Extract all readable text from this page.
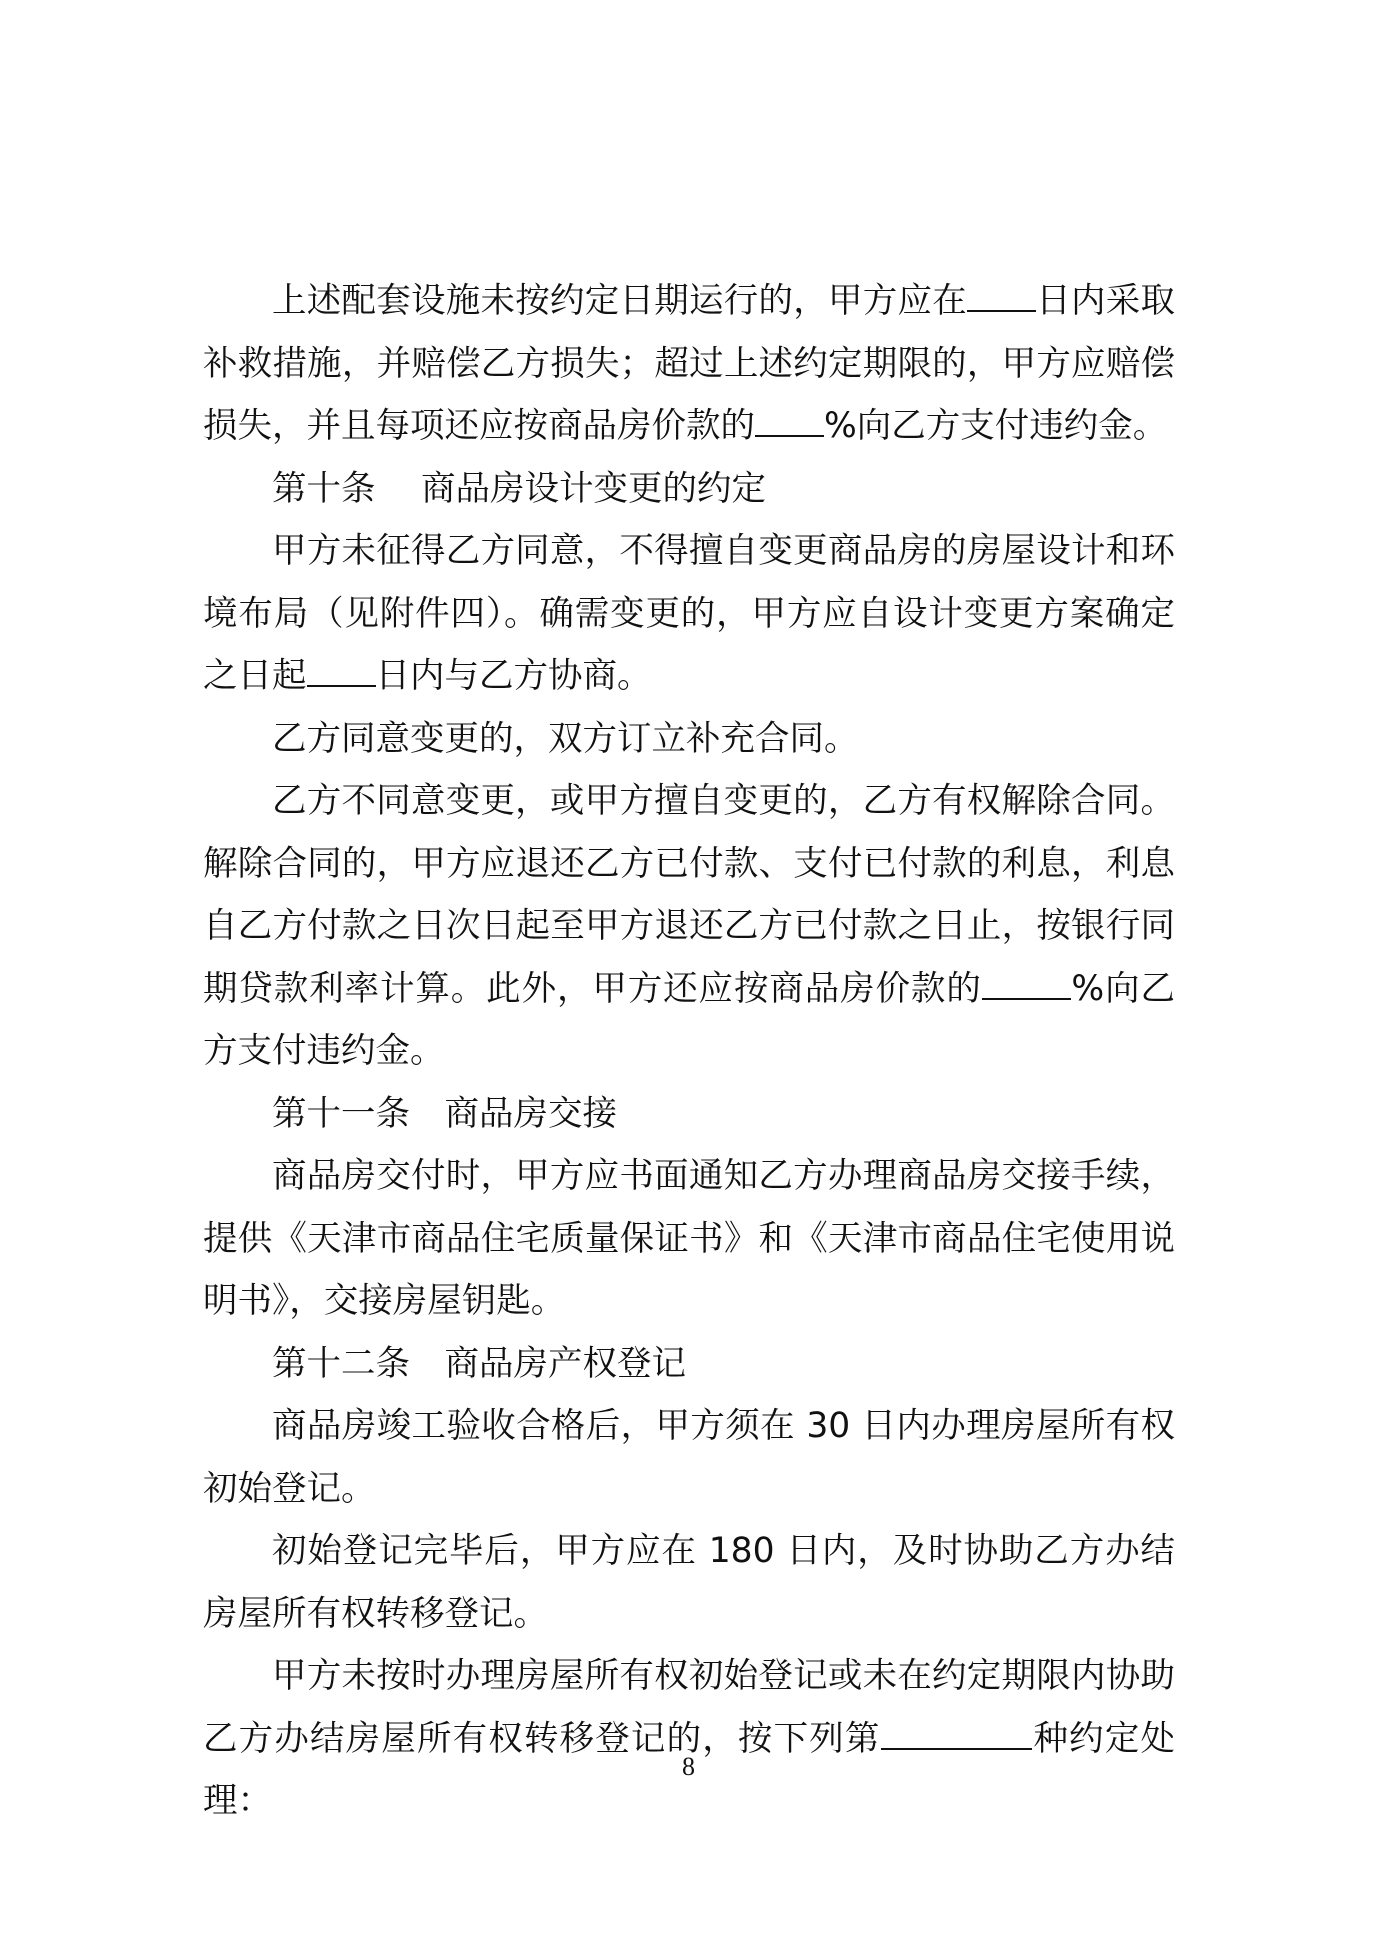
上述配套设施未按约定日期运行的，甲方应在 日内采取补救措施，并赔偿乙方损失；超过上述约定期限的，甲方应赔偿损失，并且每项还应按商品房价款的 %向乙方支付违约金。

第十条　 商品房设计变更的约定

甲方未征得乙方同意，不得擅自变更商品房的房屋设计和环境布局（见附件四）。确需变更的，甲方应自设计变更方案确定之日起 日内与乙方协商。

乙方同意变更的，双方订立补充合同。

乙方不同意变更，或甲方擅自变更的，乙方有权解除合同。解除合同的，甲方应退还乙方已付款、支付已付款的利息，利息自乙方付款之日次日起至甲方退还乙方已付款之日止，按银行同期贷款利率计算。此外，甲方还应按商品房价款的	%向乙方支付违约金。

第十一条　商品房交接

商品房交付时，甲方应书面通知乙方办理商品房交接手续，提供《天津市商品住宅质量保证书》和《天津市商品住宅使用说明书》，交接房屋钥匙。

第十二条　商品房产权登记

商品房竣工验收合格后，甲方须在 30 日内办理房屋所有权初始登记。

初始登记完毕后，甲方应在 180 日内，及时协助乙方办结房屋所有权转移登记。

甲方未按时办理房屋所有权初始登记或未在约定期限内协助乙方办结房屋所有权转移登记的，按下列第	种约定处理：

8
